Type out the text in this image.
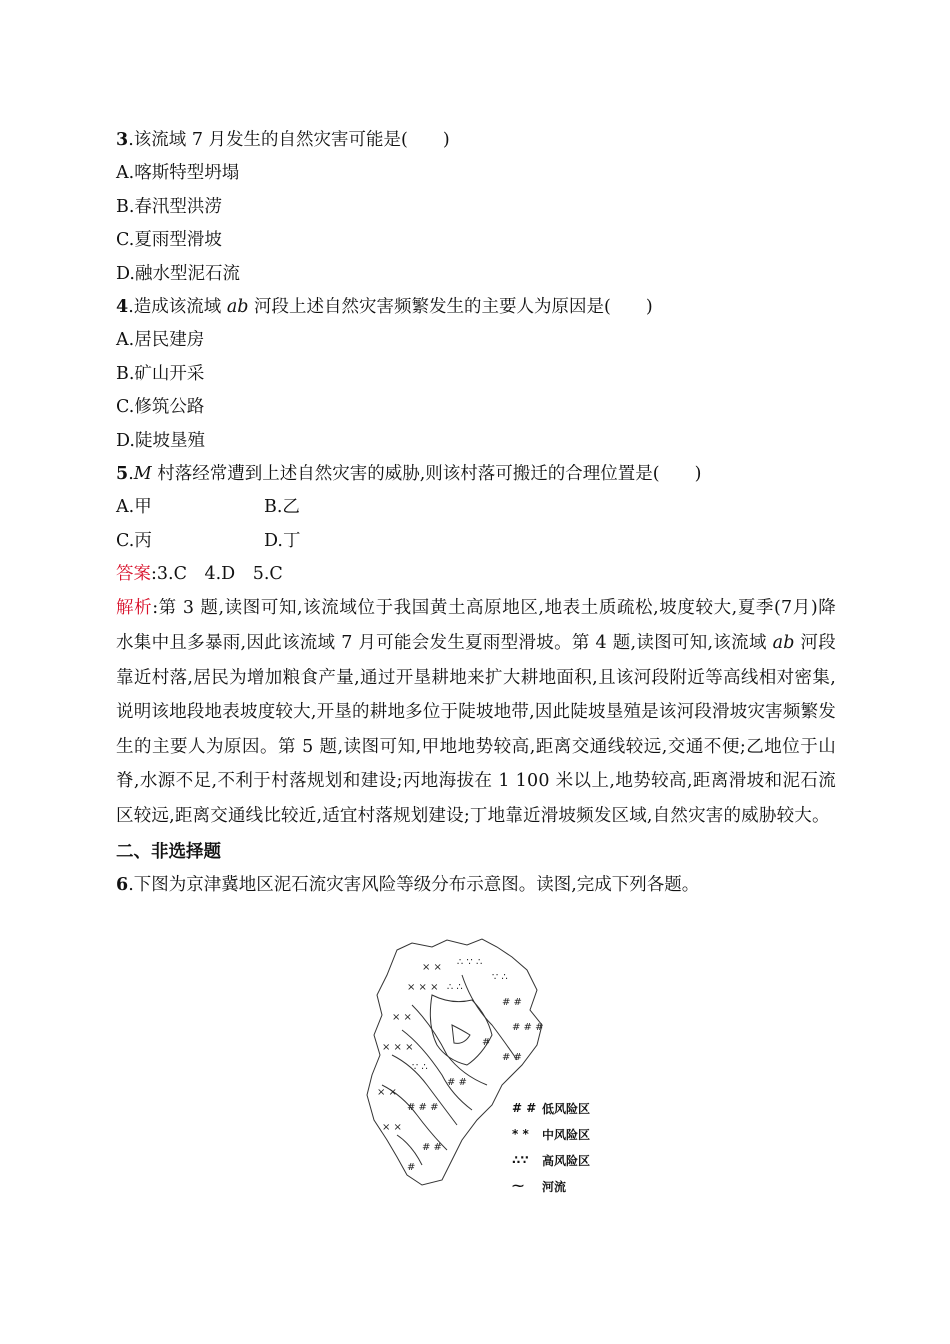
3.该流域 7 月发生的自然灾害可能是(　　)
A.喀斯特型坍塌
B.春汛型洪涝
C.夏雨型滑坡
D.融水型泥石流
4.造成该流域 ab 河段上述自然灾害频繁发生的主要人为原因是(　　)
A.居民建房
B.矿山开采
C.修筑公路
D.陡坡垦殖
5.M 村落经常遭到上述自然灾害的威胁,则该村落可搬迁的合理位置是(　　)
A.甲	B.乙
C.丙	D.丁
答案:3.C　4.D　5.C
解析:第 3 题,读图可知,该流域位于我国黄土高原地区,地表土质疏松,坡度较大,夏季(7月)降水集中且多暴雨,因此该流域 7 月可能会发生夏雨型滑坡。第 4 题,读图可知,该流域 ab 河段靠近村落,居民为增加粮食产量,通过开垦耕地来扩大耕地面积,且该河段附近等高线相对密集,说明该地段地表坡度较大,开垦的耕地多位于陡坡地带,因此陡坡垦殖是该河段滑坡灾害频繁发生的主要人为原因。第 5 题,读图可知,甲地地势较高,距离交通线较远,交通不便;乙地位于山脊,水源不足,不利于村落规划和建设;丙地海拔在 1 100 米以上,地势较高,距离滑坡和泥石流区较远,距离交通线比较近,适宜村落规划建设;丁地靠近滑坡频发区域,自然灾害的威胁较大。
二、非选择题
6.下图为京津冀地区泥石流灾害风险等级分布示意图。读图,完成下列各题。
× × ∴ ∵ ∴
∵ ∴
× × × ∴ ∴
# #
# # #
× ×
#
# #
× × ×
∵ ∴
# #
× ×
# # #
× ×
# #
#
# # 低风险区
* *	中风险区
∴∵	高风险区
⁓	河流
